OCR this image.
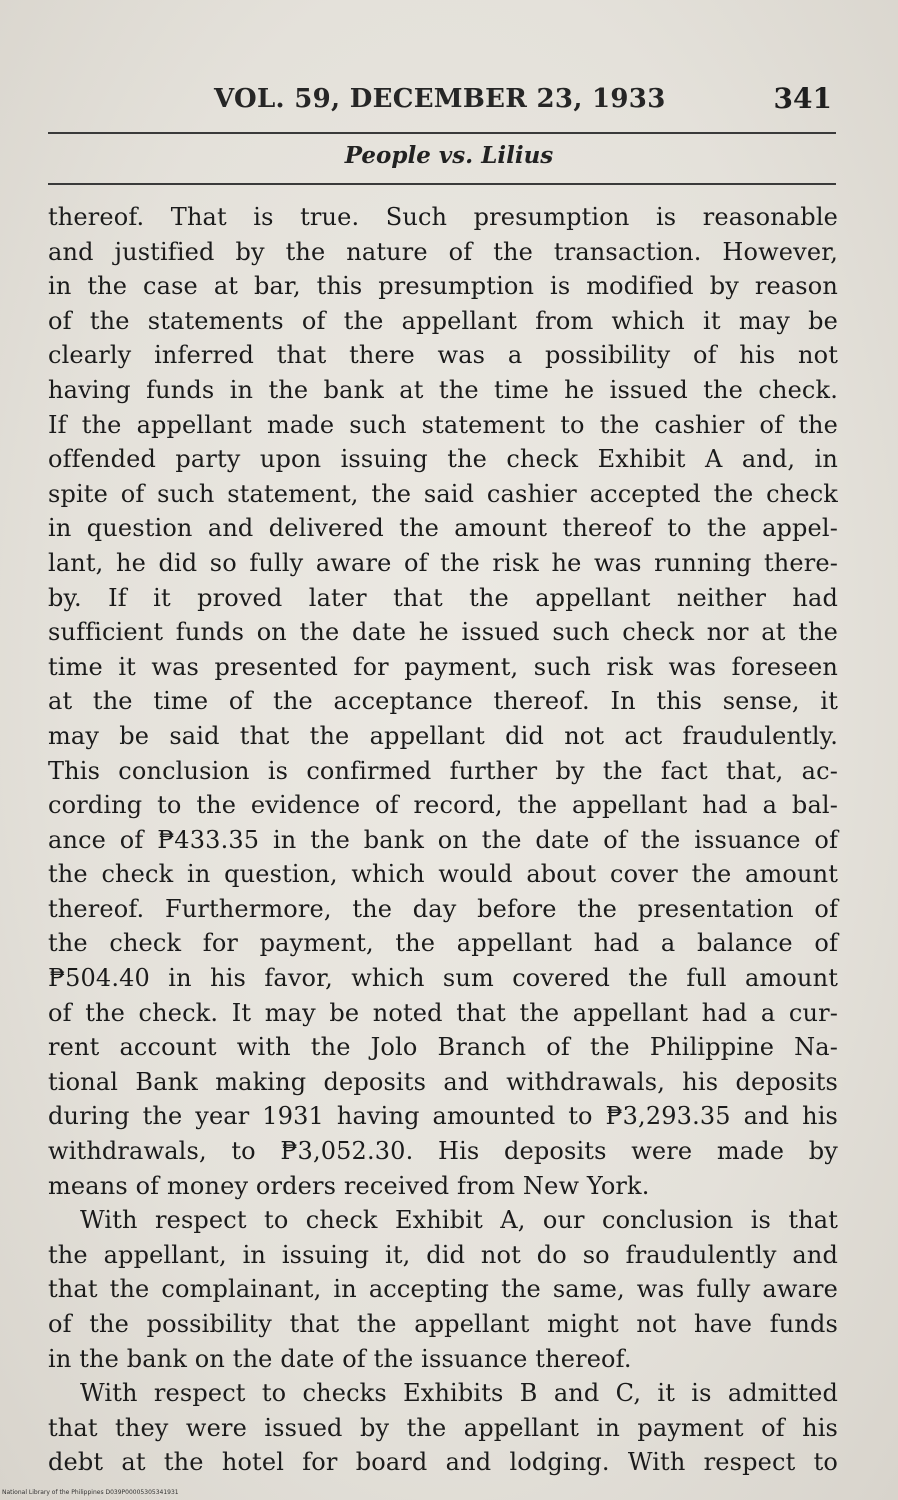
VOL. 59, DECEMBER 23, 1933	341
People vs. Lilius
thereof. That is true. Such presumption is reasonable
and justified by the nature of the transaction. However,
in the case at bar, this presumption is modified by reason
of the statements of the appellant from which it may be
clearly inferred that there was a possibility of his not
having funds in the bank at the time he issued the check.
If the appellant made such statement to the cashier of the
offended party upon issuing the check Exhibit A and, in
spite of such statement, the said cashier accepted the check
in question and delivered the amount thereof to the appel-
lant, he did so fully aware of the risk he was running there-
by. If it proved later that the appellant neither had
sufficient funds on the date he issued such check nor at the
time it was presented for payment, such risk was foreseen
at the time of the acceptance thereof. In this sense, it
may be said that the appellant did not act fraudulently.
This conclusion is confirmed further by the fact that, ac-
cording to the evidence of record, the appellant had a bal-
ance of ₱433.35 in the bank on the date of the issuance of
the check in question, which would about cover the amount
thereof. Furthermore, the day before the presentation of
the check for payment, the appellant had a balance of
₱504.40 in his favor, which sum covered the full amount
of the check. It may be noted that the appellant had a cur-
rent account with the Jolo Branch of the Philippine Na-
tional Bank making deposits and withdrawals, his deposits
during the year 1931 having amounted to ₱3,293.35 and his
withdrawals, to ₱3,052.30. His deposits were made by
means of money orders received from New York.
With respect to check Exhibit A, our conclusion is that
the appellant, in issuing it, did not do so fraudulently and
that the complainant, in accepting the same, was fully aware
of the possibility that the appellant might not have funds
in the bank on the date of the issuance thereof.
With respect to checks Exhibits B and C, it is admitted
that they were issued by the appellant in payment of his
debt at the hotel for board and lodging. With respect to
National Library of the Philippines D039P00005305341931
